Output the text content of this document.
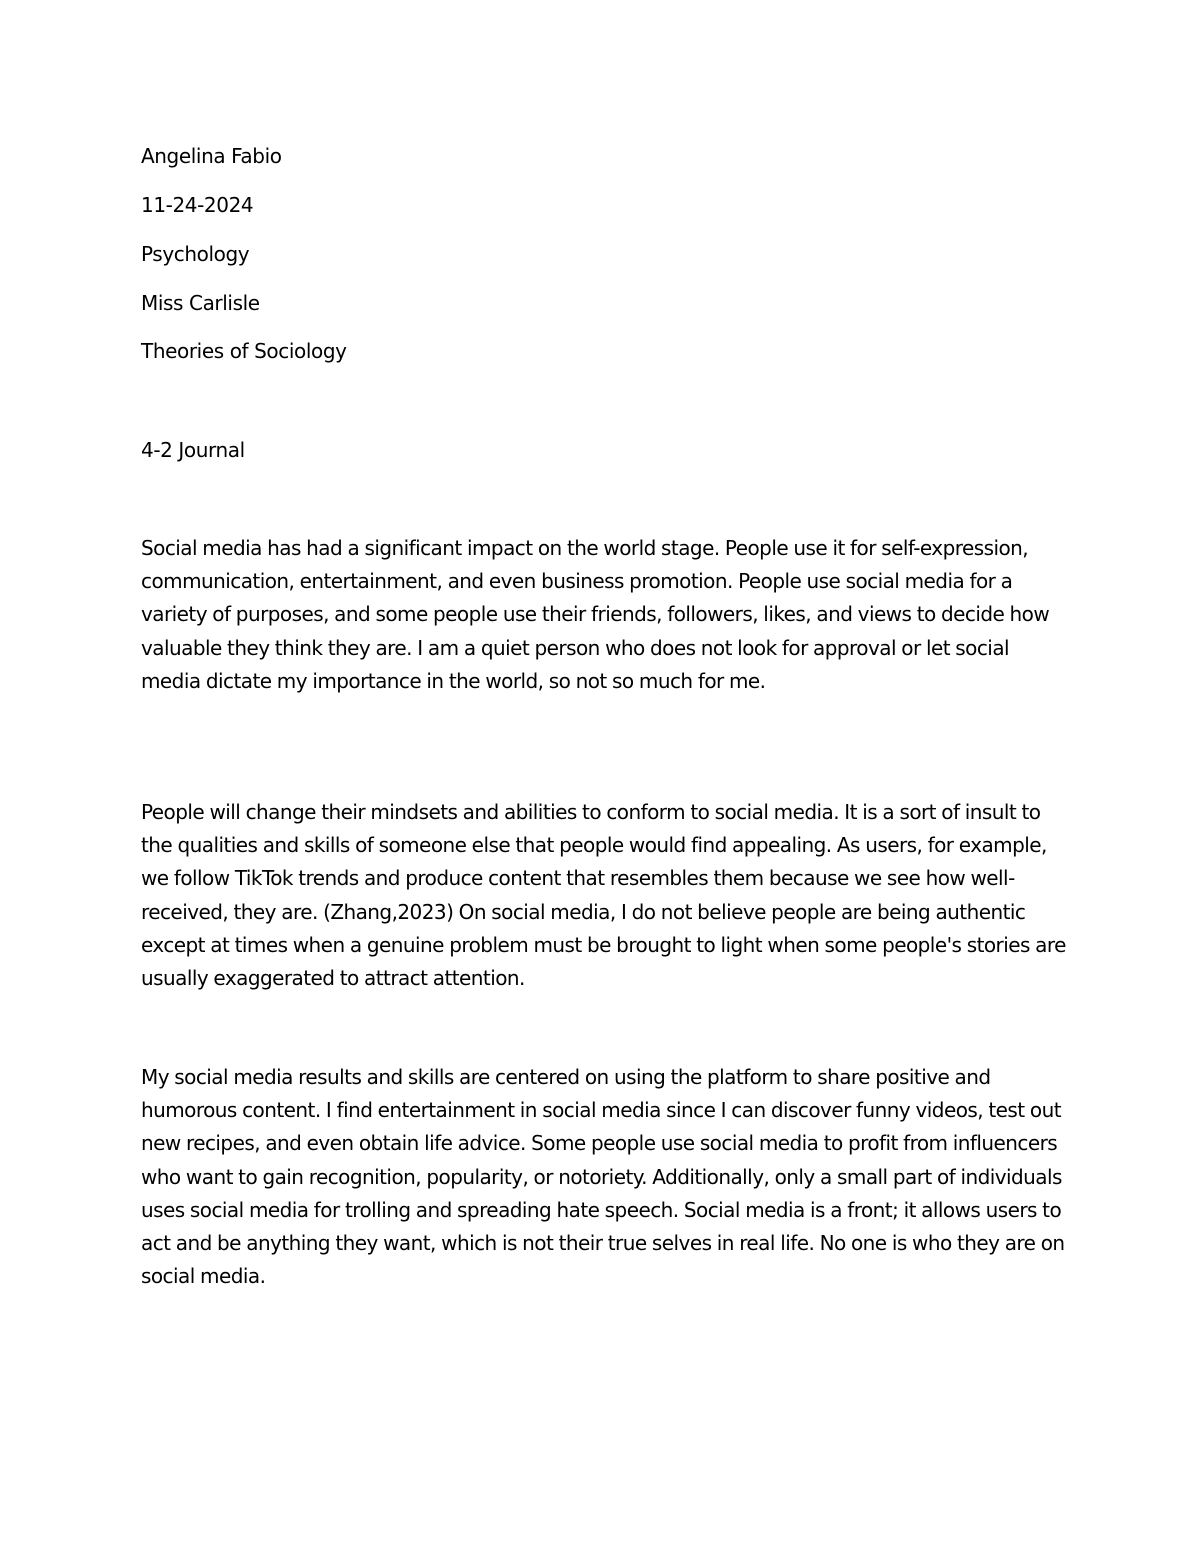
Angelina Fabio
11-24-2024
Psychology
Miss Carlisle
Theories of Sociology
4-2 Journal
Social media has had a significant impact on the world stage. People use it for self-expression, communication, entertainment, and even business promotion. People use social media for a variety of purposes, and some people use their friends, followers, likes, and views to decide how valuable they think they are. I am a quiet person who does not look for approval or let social media dictate my importance in the world, so not so much for me.
People will change their mindsets and abilities to conform to social media. It is a sort of insult to the qualities and skills of someone else that people would find appealing. As users, for example, we follow TikTok trends and produce content that resembles them because we see how well-received, they are. (Zhang,2023) On social media, I do not believe people are being authentic except at times when a genuine problem must be brought to light when some people's stories are usually exaggerated to attract attention.
My social media results and skills are centered on using the platform to share positive and humorous content. I find entertainment in social media since I can discover funny videos, test out new recipes, and even obtain life advice. Some people use social media to profit from influencers who want to gain recognition, popularity, or notoriety. Additionally, only a small part of individuals uses social media for trolling and spreading hate speech. Social media is a front; it allows users to act and be anything they want, which is not their true selves in real life. No one is who they are on social media.
